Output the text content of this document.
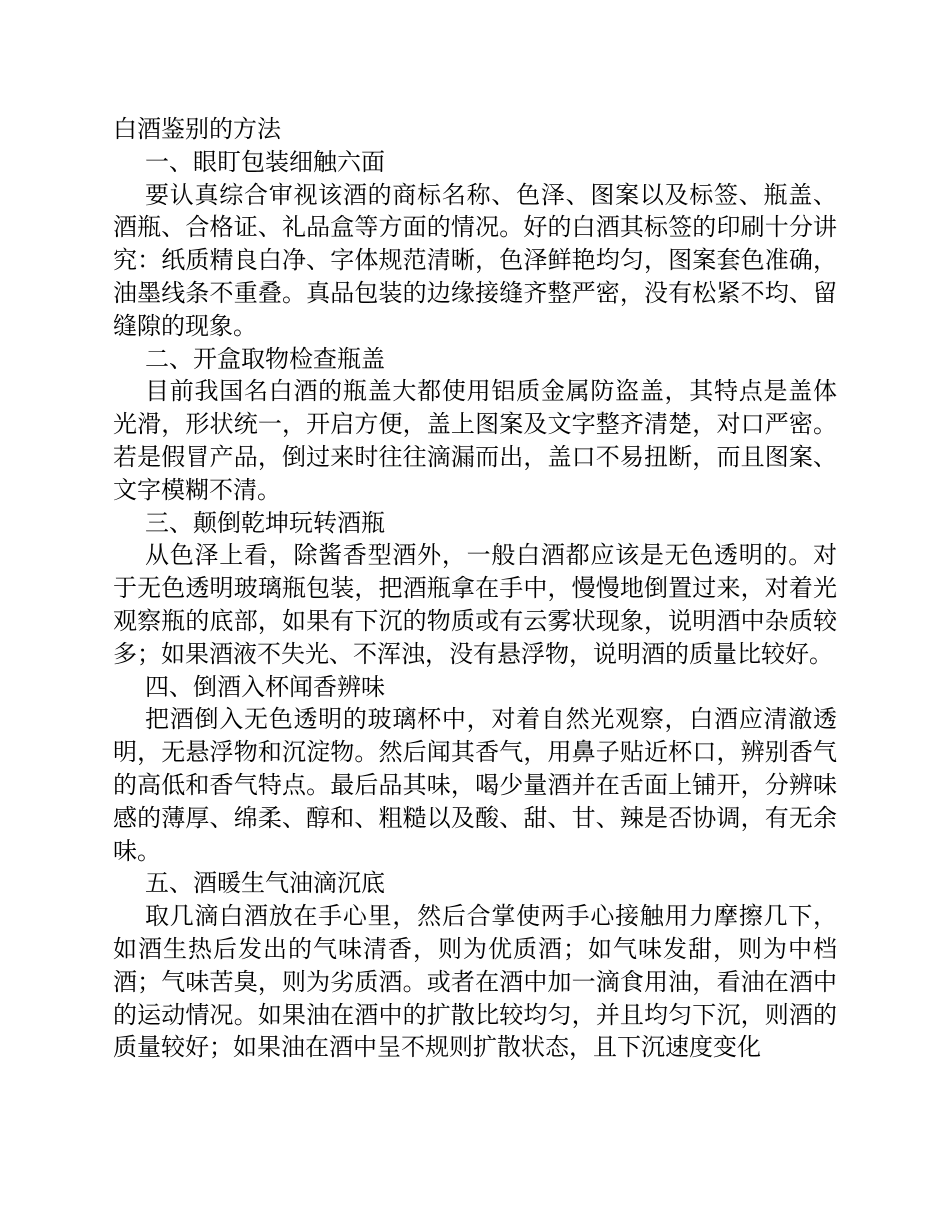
白酒鉴别的方法
一、眼盯包装细触六面

要认真综合审视该酒的商标名称、色泽、图案以及标签、瓶盖、酒瓶、合格证、礼品盒等方面的情况。好的白酒其标签的印刷十分讲究：纸质精良白净、字体规范清晰，色泽鲜艳均匀，图案套色准确，油墨线条不重叠。真品包装的边缘接缝齐整严密，没有松紧不均、留缝隙的现象。

二、开盒取物检查瓶盖

目前我国名白酒的瓶盖大都使用铝质金属防盗盖，其特点是盖体光滑，形状统一，开启方便，盖上图案及文字整齐清楚，对口严密。若是假冒产品，倒过来时往往滴漏而出，盖口不易扭断，而且图案、文字模糊不清。

三、颠倒乾坤玩转酒瓶

从色泽上看，除酱香型酒外，一般白酒都应该是无色透明的。对于无色透明玻璃瓶包装，把酒瓶拿在手中，慢慢地倒置过来，对着光观察瓶的底部，如果有下沉的物质或有云雾状现象，说明酒中杂质较多；如果酒液不失光、不浑浊，没有悬浮物，说明酒的质量比较好。

四、倒酒入杯闻香辨味

把酒倒入无色透明的玻璃杯中，对着自然光观察，白酒应清澈透明，无悬浮物和沉淀物。然后闻其香气，用鼻子贴近杯口，辨别香气的高低和香气特点。最后品其味，喝少量酒并在舌面上铺开，分辨味感的薄厚、绵柔、醇和、粗糙以及酸、甜、甘、辣是否协调，有无余味。

五、酒暖生气油滴沉底

取几滴白酒放在手心里，然后合掌使两手心接触用力摩擦几下，如酒生热后发出的气味清香，则为优质酒；如气味发甜，则为中档酒；气味苦臭，则为劣质酒。或者在酒中加一滴食用油，看油在酒中的运动情况。如果油在酒中的扩散比较均匀，并且均匀下沉，则酒的质量较好；如果油在酒中呈不规则扩散状态，且下沉速度变化
